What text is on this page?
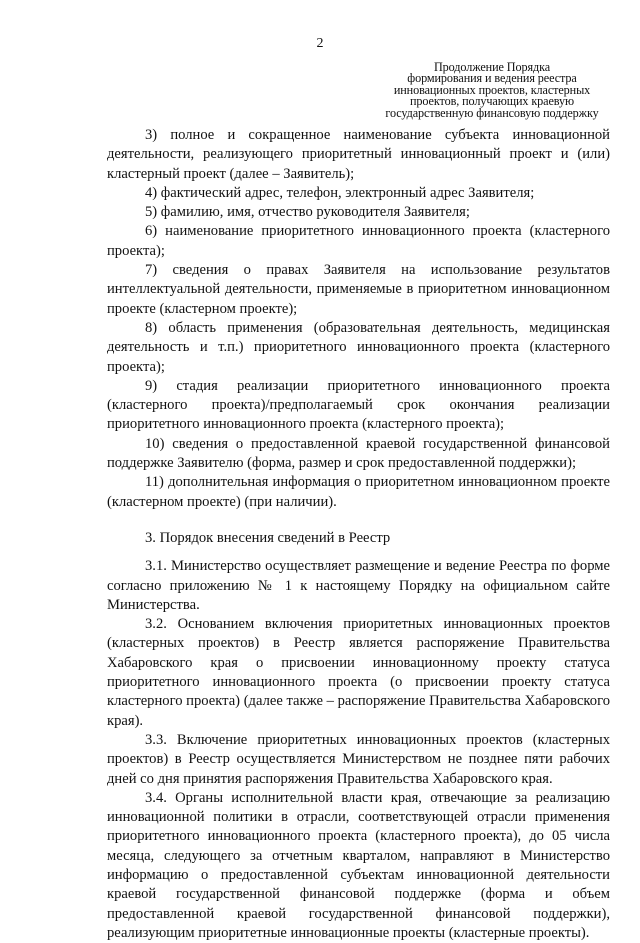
2
Продолжение Порядка
формирования и ведения реестра
инновационных проектов, кластерных
проектов, получающих краевую
государственную финансовую поддержку

3) полное и сокращенное наименование субъекта инновационной деятельности, реализующего приоритетный инновационный проект и (или) кластерный проект (далее – Заявитель);

4) фактический адрес, телефон, электронный адрес Заявителя;

5) фамилию, имя, отчество руководителя Заявителя;

6) наименование приоритетного инновационного проекта (кластерного проекта);

7) сведения о правах Заявителя на использование результатов интеллектуальной деятельности, применяемые в приоритетном инновационном проекте (кластерном проекте);

8) область применения (образовательная деятельность, медицинская деятельность и т.п.) приоритетного инновационного проекта (кластерного проекта);

9) стадия реализации приоритетного инновационного проекта (кластерного проекта)/предполагаемый срок окончания реализации приоритетного инновационного проекта (кластерного проекта);

10) сведения о предоставленной краевой государственной финансовой поддержке Заявителю (форма, размер и срок предоставленной поддержки);

11) дополнительная информация о приоритетном инновационном проекте (кластерном проекте) (при наличии).

3. Порядок внесения сведений в Реестр

3.1. Министерство осуществляет размещение и ведение Реестра по форме согласно приложению № 1 к настоящему Порядку на официальном сайте Министерства.

3.2. Основанием включения приоритетных инновационных проектов (кластерных проектов) в Реестр является распоряжение Правительства Хабаровского края о присвоении инновационному проекту статуса приоритетного инновационного проекта (о присвоении проекту статуса кластерного проекта) (далее также – распоряжение Правительства Хабаровского края).

3.3. Включение приоритетных инновационных проектов (кластерных проектов) в Реестр осуществляется Министерством не позднее пяти рабочих дней со дня принятия распоряжения Правительства Хабаровского края.

3.4. Органы исполнительной власти края, отвечающие за реализацию инновационной политики в отрасли, соответствующей отрасли применения приоритетного инновационного проекта (кластерного проекта), до 05 числа месяца, следующего за отчетным кварталом, направляют в Министерство информацию о предоставленной субъектам инновационной деятельности краевой государственной финансовой поддержке (форма и объем предоставленной краевой государственной финансовой поддержки), реализующим приоритетные инновационные проекты (кластерные проекты).
